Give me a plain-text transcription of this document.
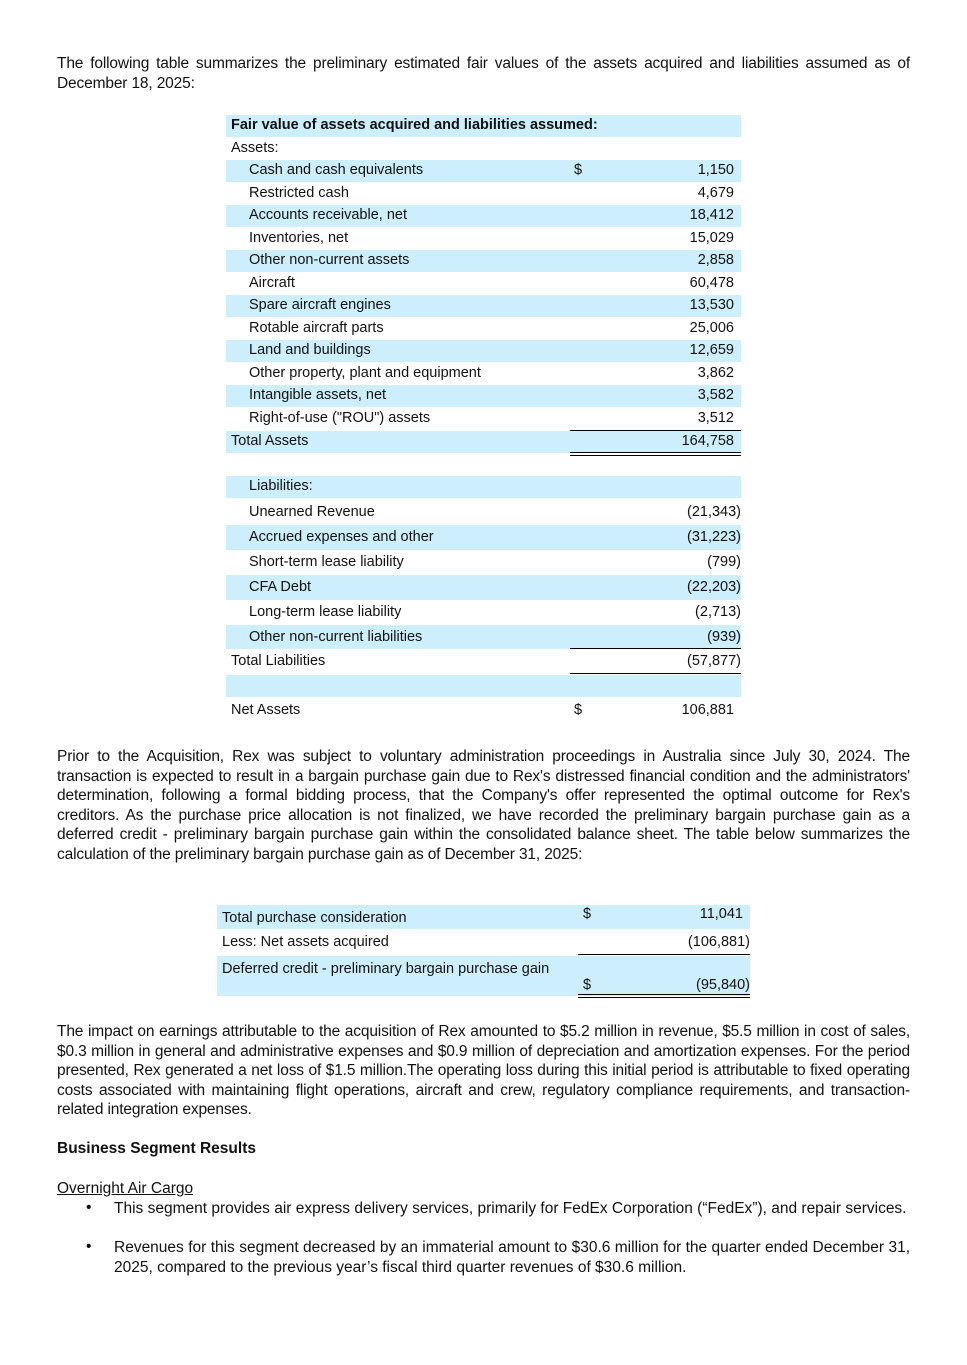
The following table summarizes the preliminary estimated fair values of the assets acquired and liabilities assumed as of December 18, 2025:
Fair value of assets acquired and liabilities assumed:
Assets:
Cash and cash equivalents	$	1,150
Restricted cash	4,679
Accounts receivable, net	18,412
Inventories, net	15,029
Other non-current assets	2,858
Aircraft	60,478
Spare aircraft engines	13,530
Rotable aircraft parts	25,006
Land and buildings	12,659
Other property, plant and equipment	3,862
Intangible assets, net	3,582
Right-of-use ("ROU") assets	3,512
Total Assets	164,758
Liabilities:
Unearned Revenue	(21,343)
Accrued expenses and other	(31,223)
Short-term lease liability	(799)
CFA Debt	(22,203)
Long-term lease liability	(2,713)
Other non-current liabilities	(939)
Total Liabilities	(57,877)
Net Assets	$	106,881
Prior to the Acquisition, Rex was subject to voluntary administration proceedings in Australia since July 30, 2024. The transaction is expected to result in a bargain purchase gain due to Rex's distressed financial condition and the administrators' determination, following a formal bidding process, that the Company's offer represented the optimal outcome for Rex's creditors. As the purchase price allocation is not finalized, we have recorded the preliminary bargain purchase gain as a deferred credit - preliminary bargain purchase gain within the consolidated balance sheet. The table below summarizes the calculation of the preliminary bargain purchase gain as of December 31, 2025:
Total purchase consideration	$	11,041
Less: Net assets acquired	(106,881)
Deferred credit - preliminary bargain purchase gain
$	(95,840)
The impact on earnings attributable to the acquisition of Rex amounted to $5.2 million in revenue, $5.5 million in cost of sales, $0.3 million in general and administrative expenses and $0.9 million of depreciation and amortization expenses. For the period presented, Rex generated a net loss of $1.5 million.The operating loss during this initial period is attributable to fixed operating costs associated with maintaining flight operations, aircraft and crew, regulatory compliance requirements, and transaction-related integration expenses.
Business Segment Results
Overnight Air Cargo
• This segment provides air express delivery services, primarily for FedEx Corporation (“FedEx”), and repair services.
• Revenues for this segment decreased by an immaterial amount to $30.6 million for the quarter ended December 31, 2025, compared to the previous year’s fiscal third quarter revenues of $30.6 million.
